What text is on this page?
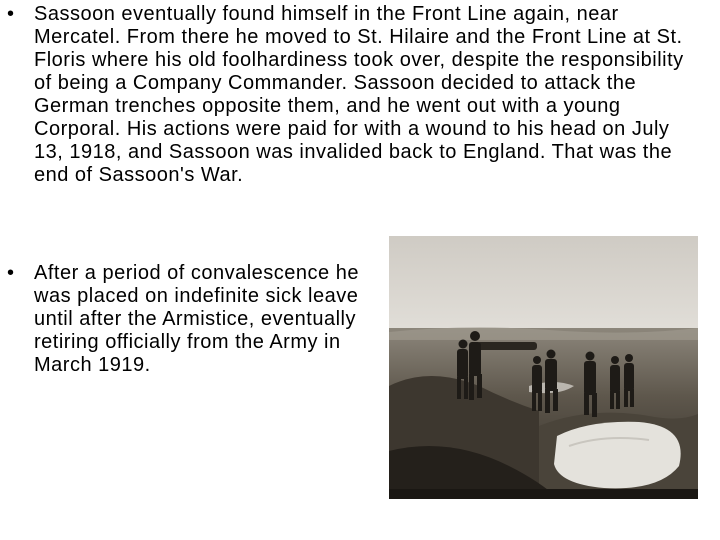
• Sassoon eventually found himself in the Front Line again, near Mercatel. From there he moved to St. Hilaire and the Front Line at St. Floris where his old foolhardiness took over, despite the responsibility of being a Company Commander. Sassoon decided to attack the German trenches opposite them, and he went out with a young Corporal. His actions were paid for with a wound to his head on July 13, 1918, and Sassoon was invalided back to England. That was the end of Sassoon's War.
• After a period of convalescence he was placed on indefinite sick leave until after the Armistice, eventually retiring officially from the Army in March 1919.
